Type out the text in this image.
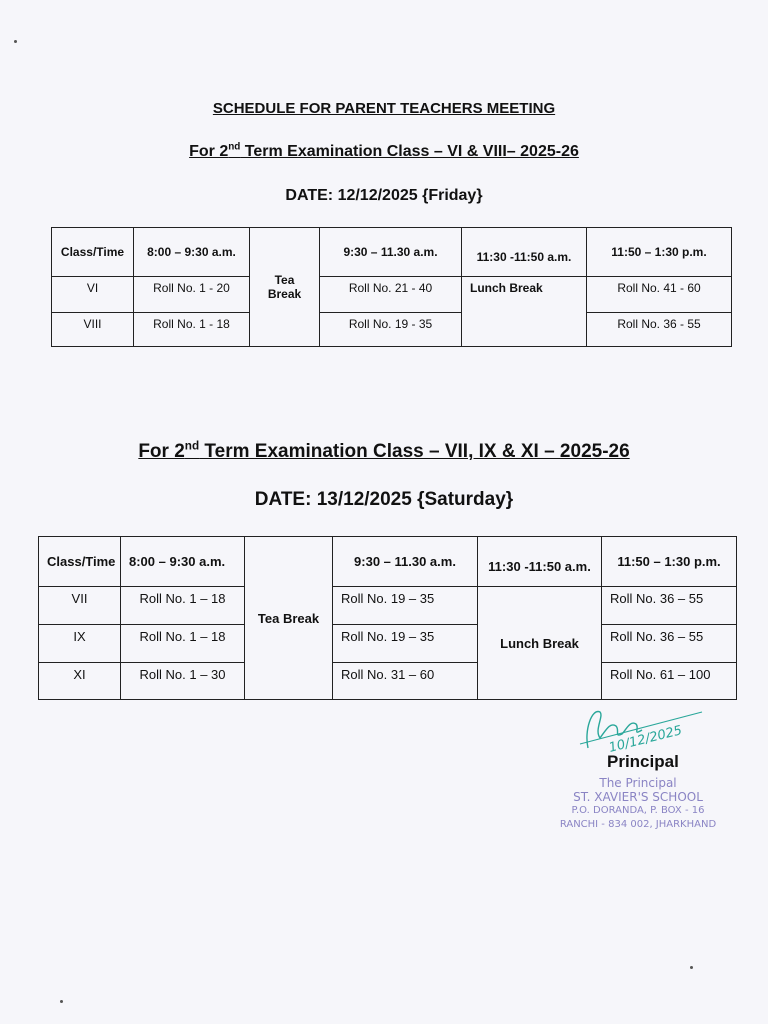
SCHEDULE FOR PARENT TEACHERS MEETING
For 2nd Term Examination Class – VI & VIII– 2025-26
DATE: 12/12/2025 {Friday}
Class/Time	8:00 – 9:30 a.m.	Tea Break	9:30 – 11.30 a.m.	11:30 -11:50 a.m.	11:50 – 1:30 p.m.
VI	Roll No. 1 - 20		Roll No. 21 - 40	Lunch Break	Roll No. 41 - 60
VIII	Roll No. 1 - 18		Roll No. 19 - 35		Roll No. 36 - 55
For 2nd Term Examination Class – VII, IX & XI – 2025-26
DATE: 13/12/2025 {Saturday}
Class/Time	8:00 – 9:30 a.m.	Tea Break	9:30 – 11.30 a.m.	11:30 -11:50 a.m.	11:50 – 1:30 p.m.
VII	Roll No. 1 – 18		Roll No. 19 – 35	Lunch Break	Roll No. 36 – 55
IX	Roll No. 1 – 18		Roll No. 19 – 35		Roll No. 36 – 55
XI	Roll No. 1 – 30		Roll No. 31 – 60		Roll No. 61 – 100
10/12/2025
Principal
The Principal
ST. XAVIER'S SCHOOL
P.O. DORANDA, P. BOX - 16
RANCHI - 834 002, JHARKHAND
